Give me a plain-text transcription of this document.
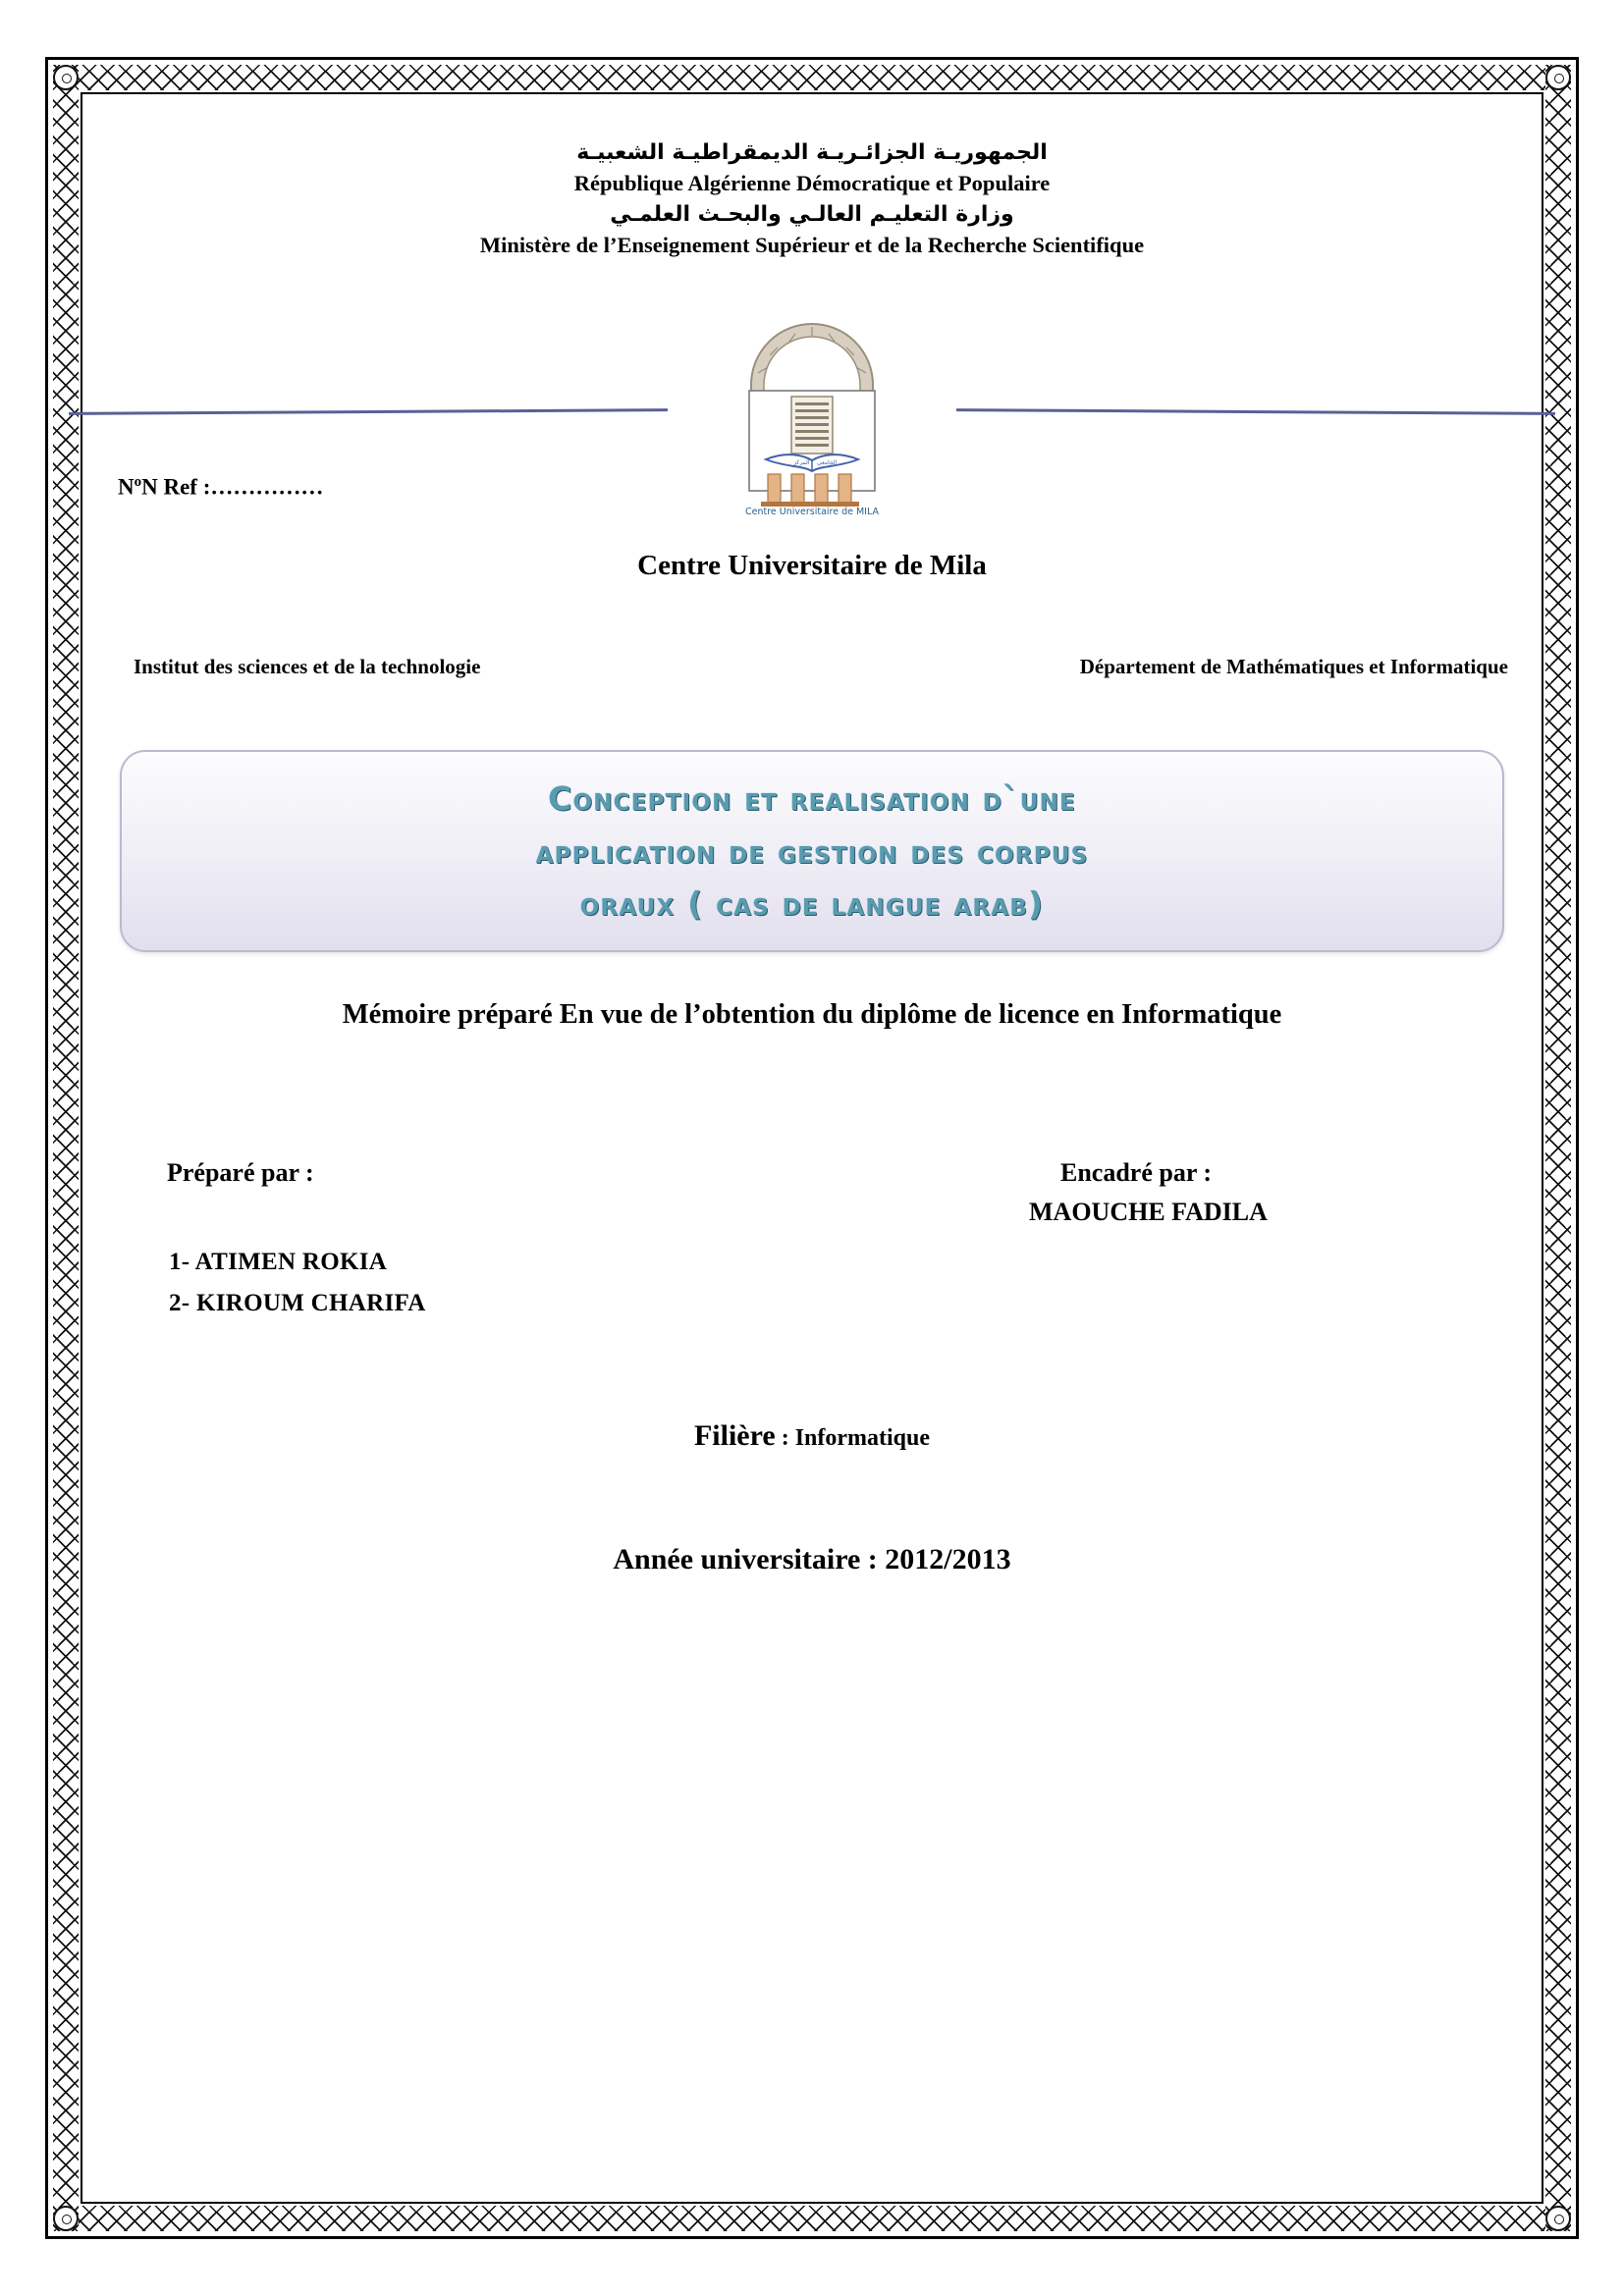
الجمهوريـة الجزائـريـة الديمقراطيـة الشعبيـة
République Algérienne Démocratique et Populaire
وزارة التعليـم العالـي والبحـث العلمـي
Ministère de l’Enseignement Supérieur et de la Recherche Scientifique
المركز الجامعي
Centre Universitaire de MILA
$N^oN$ Ref :……………
Centre Universitaire de Mila
Institut des sciences et de la technologie	Département de Mathématiques et Informatique
Conception et realisation d`une
application de gestion des corpus
oraux ( cas de langue arab)
Mémoire préparé En vue de l’obtention du diplôme de licence en Informatique
Préparé par :	Encadré par :
MAOUCHE FADILA
1- ATIMEN ROKIA
2- KIROUM CHARIFA
Filière : Informatique
Année universitaire : 2012/2013
